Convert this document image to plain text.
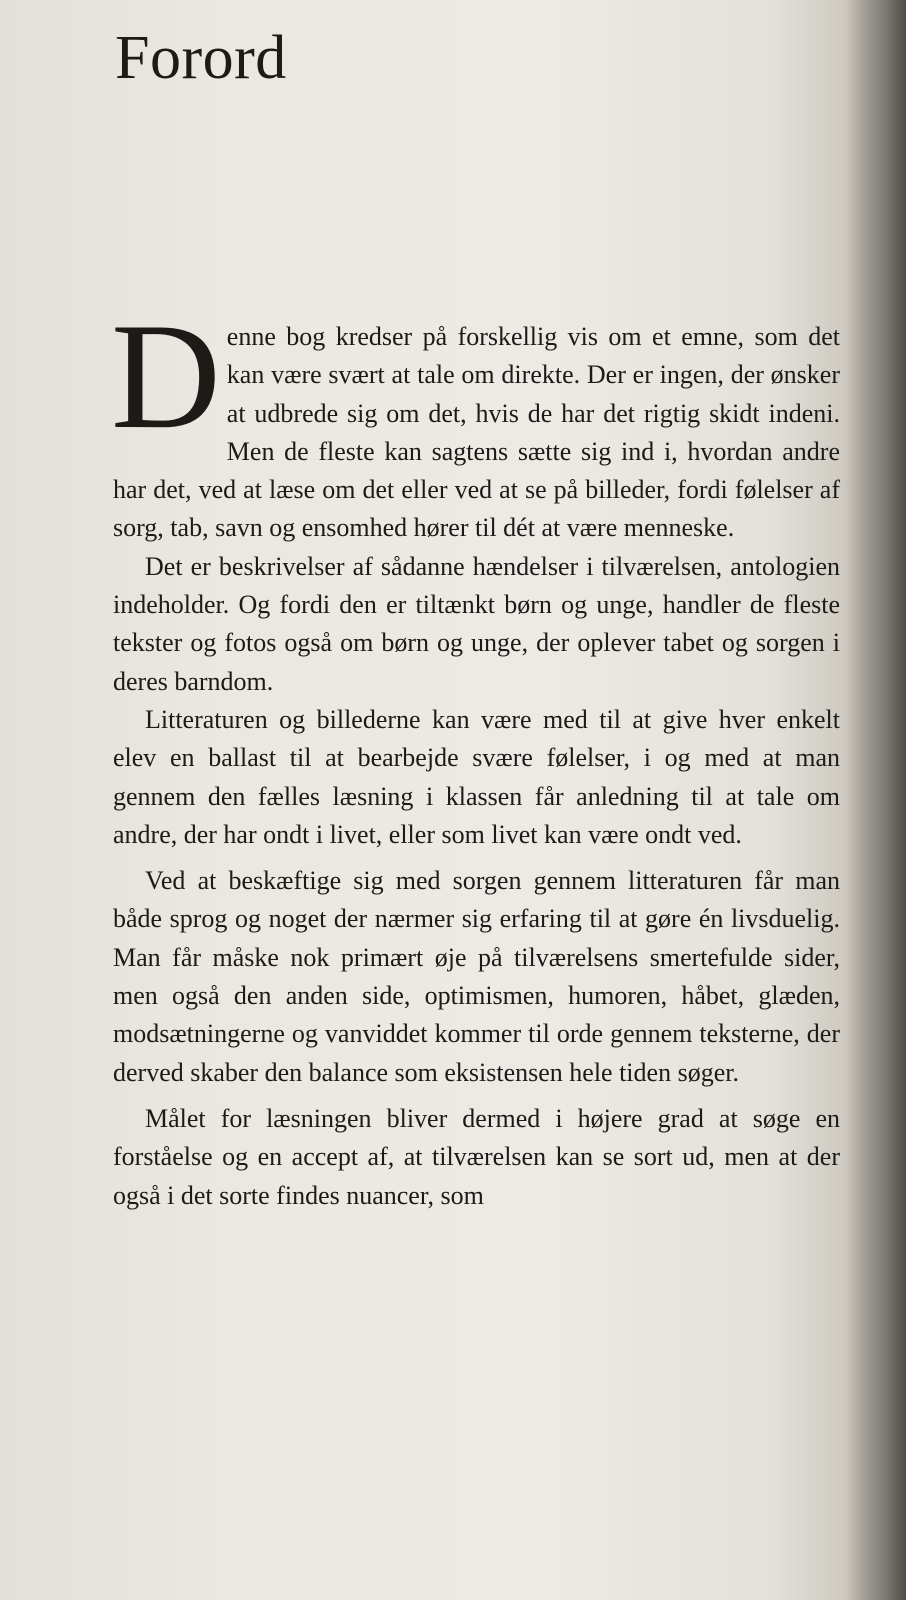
Forord

Denne bog kredser på forskellig vis om et emne, som det kan være svært at tale om direkte. Der er ingen, der ønsker at udbrede sig om det, hvis de har det rigtig skidt indeni. Men de fleste kan sagtens sætte sig ind i, hvordan andre har det, ved at læse om det eller ved at se på billeder, fordi følelser af sorg, tab, savn og ensomhed hører til dét at være menneske.

Det er beskrivelser af sådanne hændelser i tilværelsen, antologien indeholder. Og fordi den er tiltænkt børn og unge, handler de fleste tekster og fotos også om børn og unge, der oplever tabet og sorgen i deres barndom.

Litteraturen og billederne kan være med til at give hver enkelt elev en ballast til at bearbejde svære følelser, i og med at man gennem den fælles læsning i klassen får anledning til at tale om andre, der har ondt i livet, eller som livet kan være ondt ved.

Ved at beskæftige sig med sorgen gennem litteraturen får man både sprog og noget der nærmer sig erfaring til at gøre én livsduelig. Man får måske nok primært øje på tilværelsens smertefulde sider, men også den anden side, optimismen, humoren, håbet, glæden, modsætningerne og vanviddet kommer til orde gennem teksterne, der derved skaber den balance som eksistensen hele tiden søger.

Målet for læsningen bliver dermed i højere grad at søge en forståelse og en accept af, at tilværelsen kan se sort ud, men at der også i det sorte findes nuancer, som
